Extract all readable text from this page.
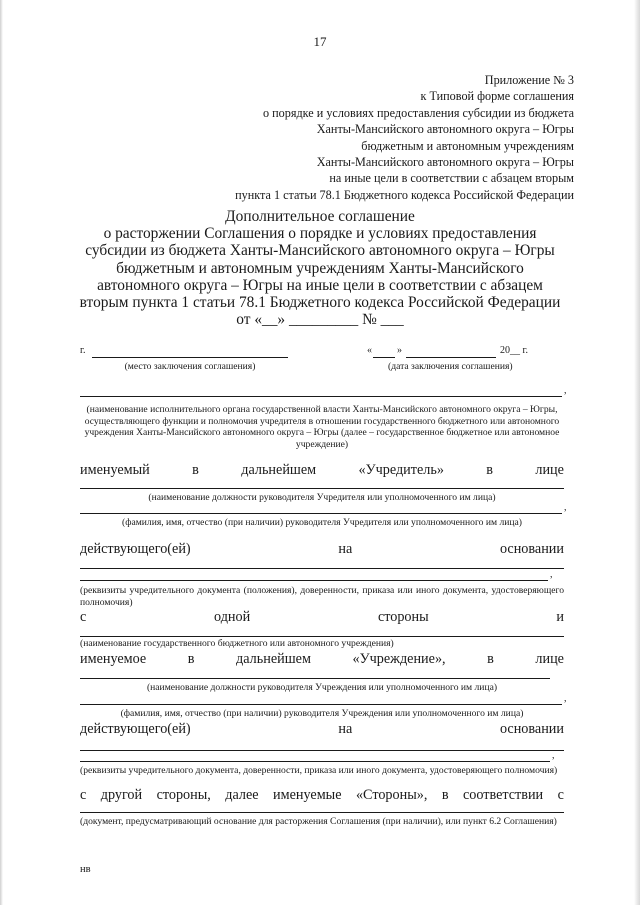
17
Приложение № 3
к Типовой форме соглашения
о порядке и условиях предоставления субсидии из бюджета
Ханты-Мансийского автономного округа – Югры
бюджетным и автономным учреждениям
Ханты-Мансийского автономного округа – Югры
на иные цели в соответствии с абзацем вторым
пункта 1 статьи 78.1 Бюджетного кодекса Российской Федерации
Дополнительное соглашение
о расторжении Соглашения о порядке и условиях предоставления
субсидии из бюджета Ханты-Мансийского автономного округа – Югры
бюджетным и автономным учреждениям Ханты-Мансийского
автономного округа – Югры на иные цели в соответствии с абзацем
вторым пункта 1 статьи 78.1 Бюджетного кодекса Российской Федерации
от «__» _________ № ___
г.
(место заключения соглашения)
«	»	20__ г.
(дата заключения соглашения)
,
(наименование исполнительного органа государственной власти Ханты-Мансийского автономного округа – Югры, осуществляющего функции и полномочия учредителя в отношении государственного бюджетного или автономного учреждения Ханты-Мансийского автономного округа – Югры (далее – государственное бюджетное или автономное учреждение)
именуемый	в	дальнейшем	«Учредитель»	в	лице
(наименование должности руководителя Учредителя или уполномоченного им лица)
,
(фамилия, имя, отчество (при наличии) руководителя Учредителя или уполномоченного им лица)
действующего(ей)	на	основании
,
(реквизиты учредительного документа (положения), доверенности, приказа или иного документа, удостоверяющего полномочия)
с	одной	стороны	и
(наименование государственного бюджетного или автономного учреждения)
именуемое	в	дальнейшем	«Учреждение»,	в	лице
(наименование должности руководителя Учреждения или уполномоченного им лица)
,
(фамилия, имя, отчество (при наличии) руководителя Учреждения или уполномоченного им лица)
действующего(ей)	на	основании
,
(реквизиты учредительного документа, доверенности, приказа или иного документа, удостоверяющего полномочия)
с другой стороны, далее именуемые «Стороны», в соответствии с
(документ, предусматривающий основание для расторжения Соглашения (при наличии), или пункт 6.2 Соглашения)
нв
